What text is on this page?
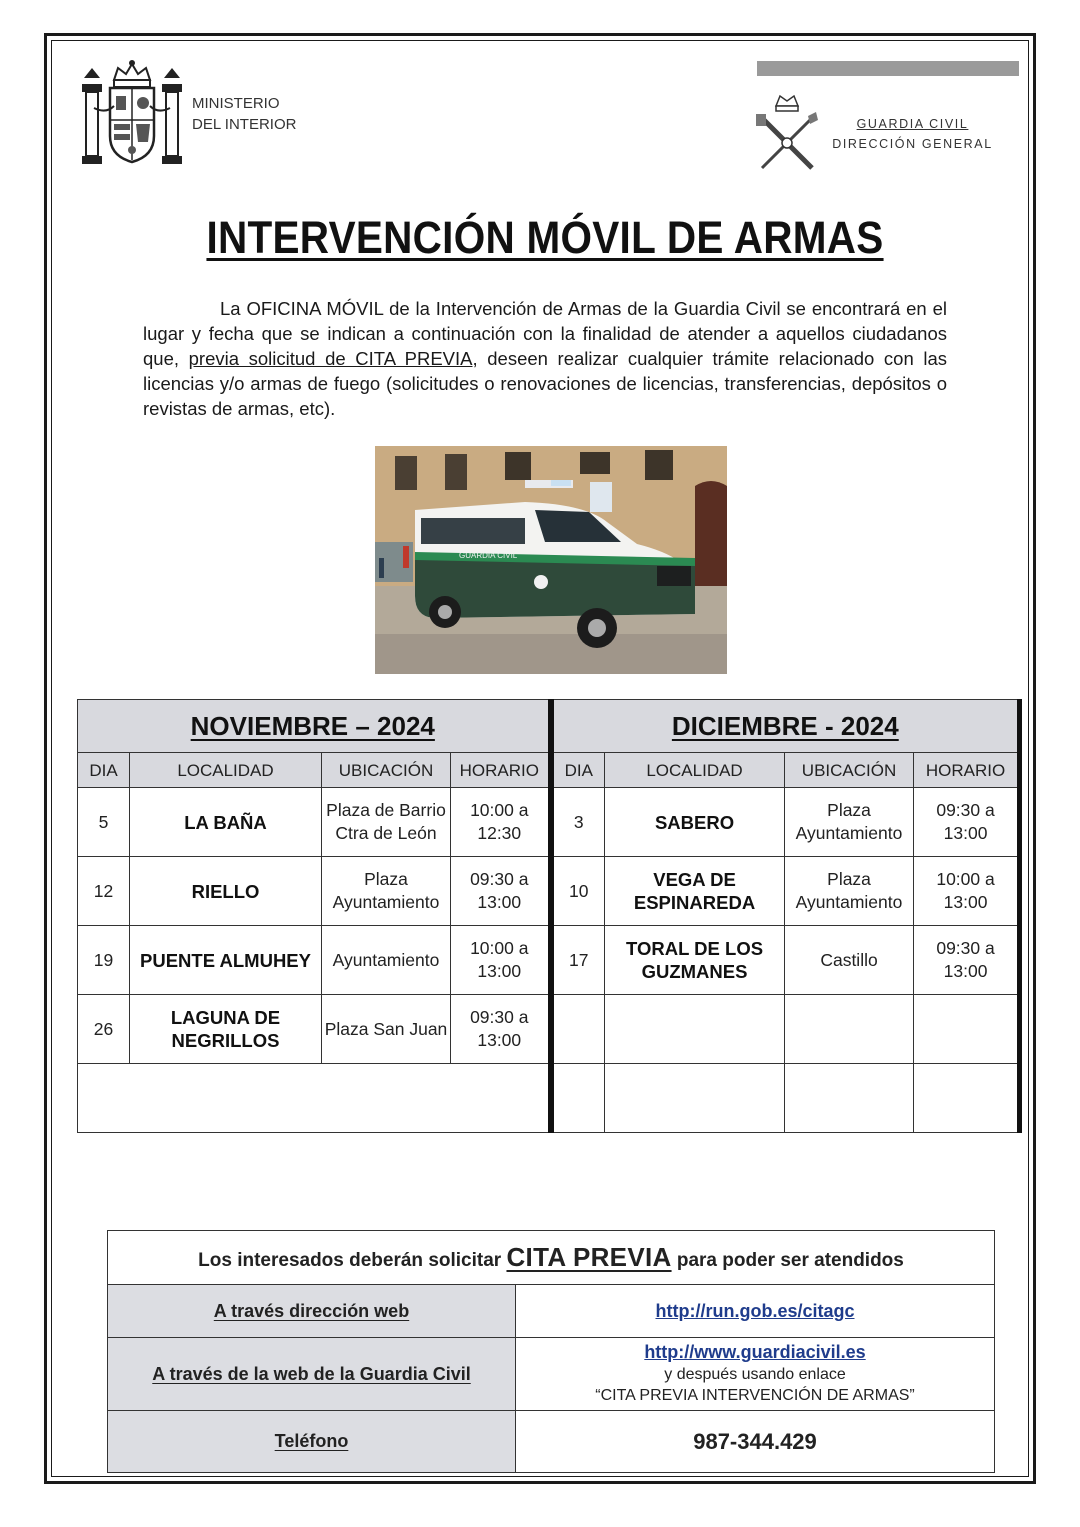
MINISTERIO
DEL INTERIOR	GUARDIA CIVIL
DIRECCIÓN GENERAL
INTERVENCIÓN MÓVIL DE ARMAS

La OFICINA MÓVIL de la Intervención de Armas de la Guardia Civil se encontrará en el lugar y fecha que se indican a continuación con la finalidad de atender a aquellos ciudadanos que, previa solicitud de CITA PREVIA, deseen realizar cualquier trámite relacionado con las licencias y/o armas de fuego (solicitudes o renovaciones de licencias, transferencias, depósitos o revistas de armas, etc).

GUARDIA CIVIL
NOVIEMBRE – 2024				DICIEMBRE - 2024			
DIA	LOCALIDAD	UBICACIÓN	HORARIO	DIA	LOCALIDAD	UBICACIÓN	HORARIO
5	LA BAÑA	Plaza de Barrio Ctra de León	10:00 a 12:30	3	SABERO	Plaza Ayuntamiento	09:30 a 13:00
12	RIELLO	Plaza Ayuntamiento	09:30 a 13:00	10	VEGA DE ESPINAREDA	Plaza Ayuntamiento	10:00 a 13:00
19	PUENTE ALMUHEY	Ayuntamiento	10:00 a 13:00	17	TORAL DE LOS GUZMANES	Castillo	09:30 a 13:00
26	LAGUNA DE NEGRILLOS	Plaza San Juan	09:30 a 13:00				

Los interesados deberán solicitar CITA PREVIA para poder ser atendidos	
A través dirección web	http://run.gob.es/citagc
A través de la web de la Guardia Civil	http://www.guardiacivil.es
y después usando enlace
“CITA PREVIA INTERVENCIÓN DE ARMAS”

Teléfono	987-344.429
